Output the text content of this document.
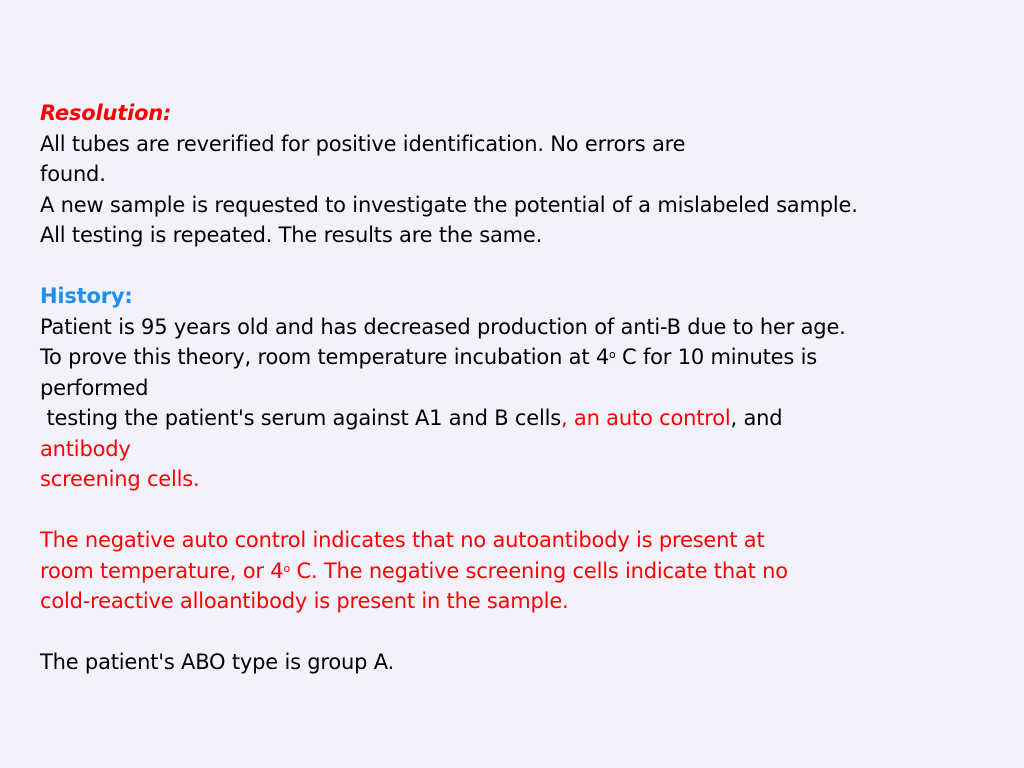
Resolution:
All tubes are reverified for positive identification. No errors are
found.
A new sample is requested to investigate the potential of a mislabeled sample.
All testing is repeated. The results are the same.
History:
Patient is 95 years old and has decreased production of anti-B due to her age.
To prove this theory, room temperature incubation at 4$^o$ C for 10 minutes is
performed
testing the patient's serum against A1 and B cells, an auto control, and
antibody
screening cells.
The negative auto control indicates that no autoantibody is present at
room temperature, or 4$^o$ C. The negative screening cells indicate that no
cold-reactive alloantibody is present in the sample.
The patient's ABO type is group A.
